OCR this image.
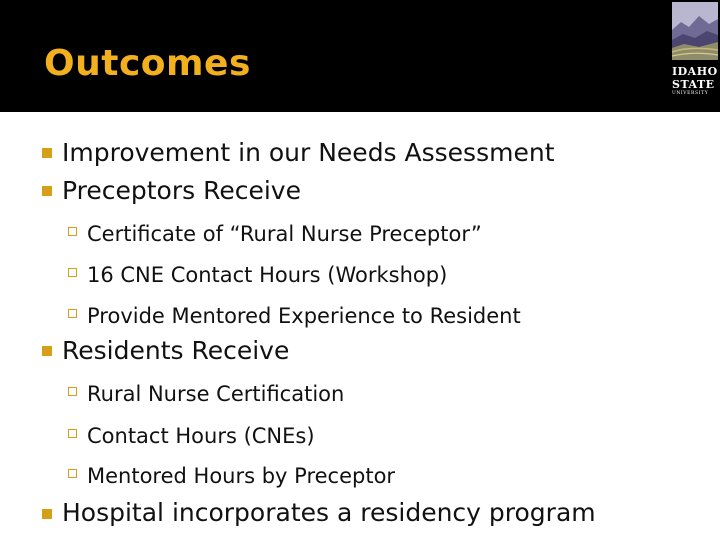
Outcomes	IDAHO
STATE
UNIVERSITY
Improvement in our Needs Assessment
Preceptors Receive
Certificate of “Rural Nurse Preceptor”
16 CNE Contact Hours (Workshop)
Provide Mentored Experience to Resident
Residents Receive
Rural Nurse Certification
Contact Hours (CNEs)
Mentored Hours by Preceptor
Hospital incorporates a residency program
